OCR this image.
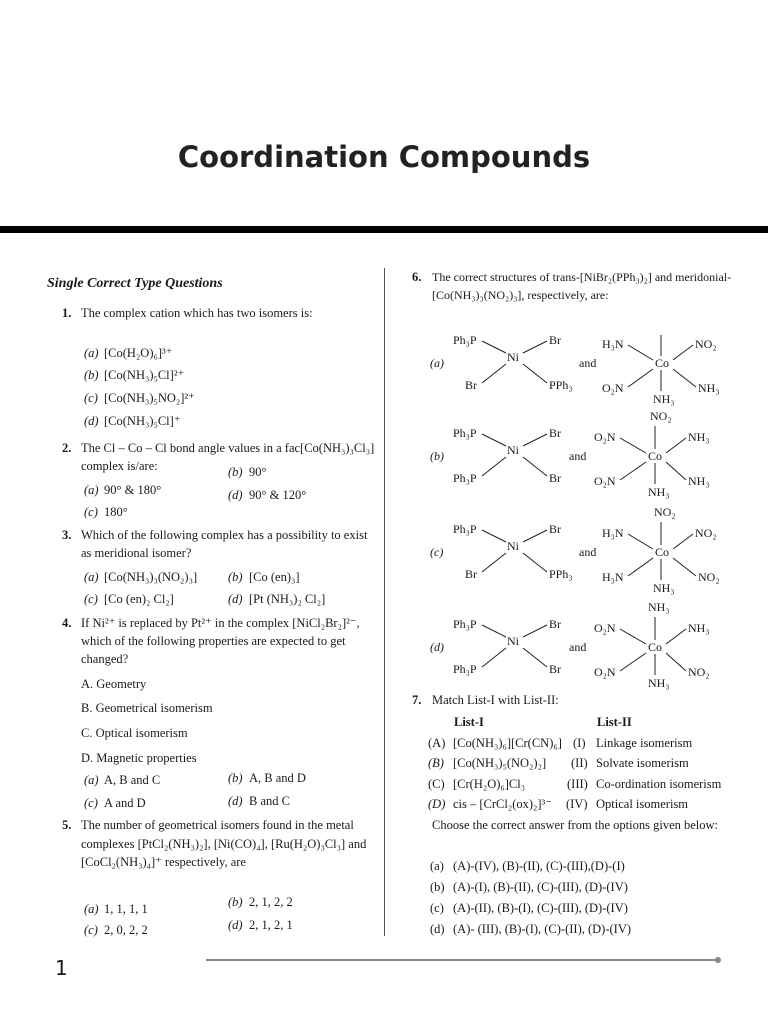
Coordination Compounds
Single Correct Type Questions
1. The complex cation which has two isomers is:
(a) [Co(H₂O)₆]³⁺
(b) [Co(NH₃)₅Cl]²⁺
(c) [Co(NH₃)₅NO₂]²⁺
(d) [Co(NH₃)₅Cl]⁺
2. The Cl – Co – Cl bond angle values in a fac[Co(NH₃)₃Cl₃]
complex is/are:	(b) 90°
(a) 90° & 180°	(d) 90° & 120°
(c) 180°
3. Which of the following complex has a possibility to exist
as meridional isomer?
(a) [Co(NH₃)₃(NO₂)₃] (b) [Co (en)₃]
(c) [Co (en)₂ Cl₂]	(d) [Pt (NH₃)₂ Cl₂]
4. If Ni²⁺ is replaced by Pt²⁺ in the complex [NiCl₂Br₂]²⁻,
which of the following properties are expected to get
changed?
A. Geometry
B. Geometrical isomerism
C. Optical isomerism
D. Magnetic properties
(a) A, B and C	(b) A, B and D
(c) A and D	(d) B and C
5. The number of geometrical isomers found in the metal
complexes [PtCl₂(NH₃)₂], [Ni(CO)₄], [Ru(H₂O)₃Cl₃] and
[CoCl₂(NH₃)₄]⁺ respectively, are
(b) 2, 1, 2, 2
(a) 1, 1, 1, 1
(d) 2, 1, 2, 1
(c) 2, 0, 2, 2
6. The correct structures of trans-[NiBr₂(PPh₃)₂] and meridonial-
[Co(NH₃)₃(NO₂)₃], respectively, are:
(a)
Ph₃P	Br
Ni
Br	PPh₃
and
H₃N	NO₂
Co
O₂N	NH₃
NH₃
(b)
Ph₃P	Br
Ni
Ph₃P	Br
and
NO₂
O₂N	NH₃
Co
O₂N	NH₃
NH₃
(c)
Ph₃P	Br
Ni
Br	PPh₃
and
NO₂
H₃N	NO₂
Co
H₃N	NO₂
NH₃
(d)
Ph₃P	Br
Ni
Ph₃P	Br
and
NH₃
O₂N	NH₃
Co
O₂N	NO₂
NH₃
7. Match List-I with List-II:
List-I	List-II
(A) [Co(NH₃)₆][Cr(CN)₆] (I) Linkage isomerism
(B) [Co(NH₃)₅(NO₂)₂] (II) Solvate isomerism
(C) [Cr(H₂O)₆]Cl₃	(III) Co-ordination isomerism
(D) cis – [CrCl₂(ox)₂]³⁻ (IV) Optical isomerism
Choose the correct answer from the options given below:
(a) (A)-(IV), (B)-(II), (C)-(III),(D)-(I)
(b) (A)-(I), (B)-(II), (C)-(III), (D)-(IV)
(c) (A)-(II), (B)-(I), (C)-(III), (D)-(IV)
(d) (A)- (III), (B)-(I), (C)-(II), (D)-(IV)
1
